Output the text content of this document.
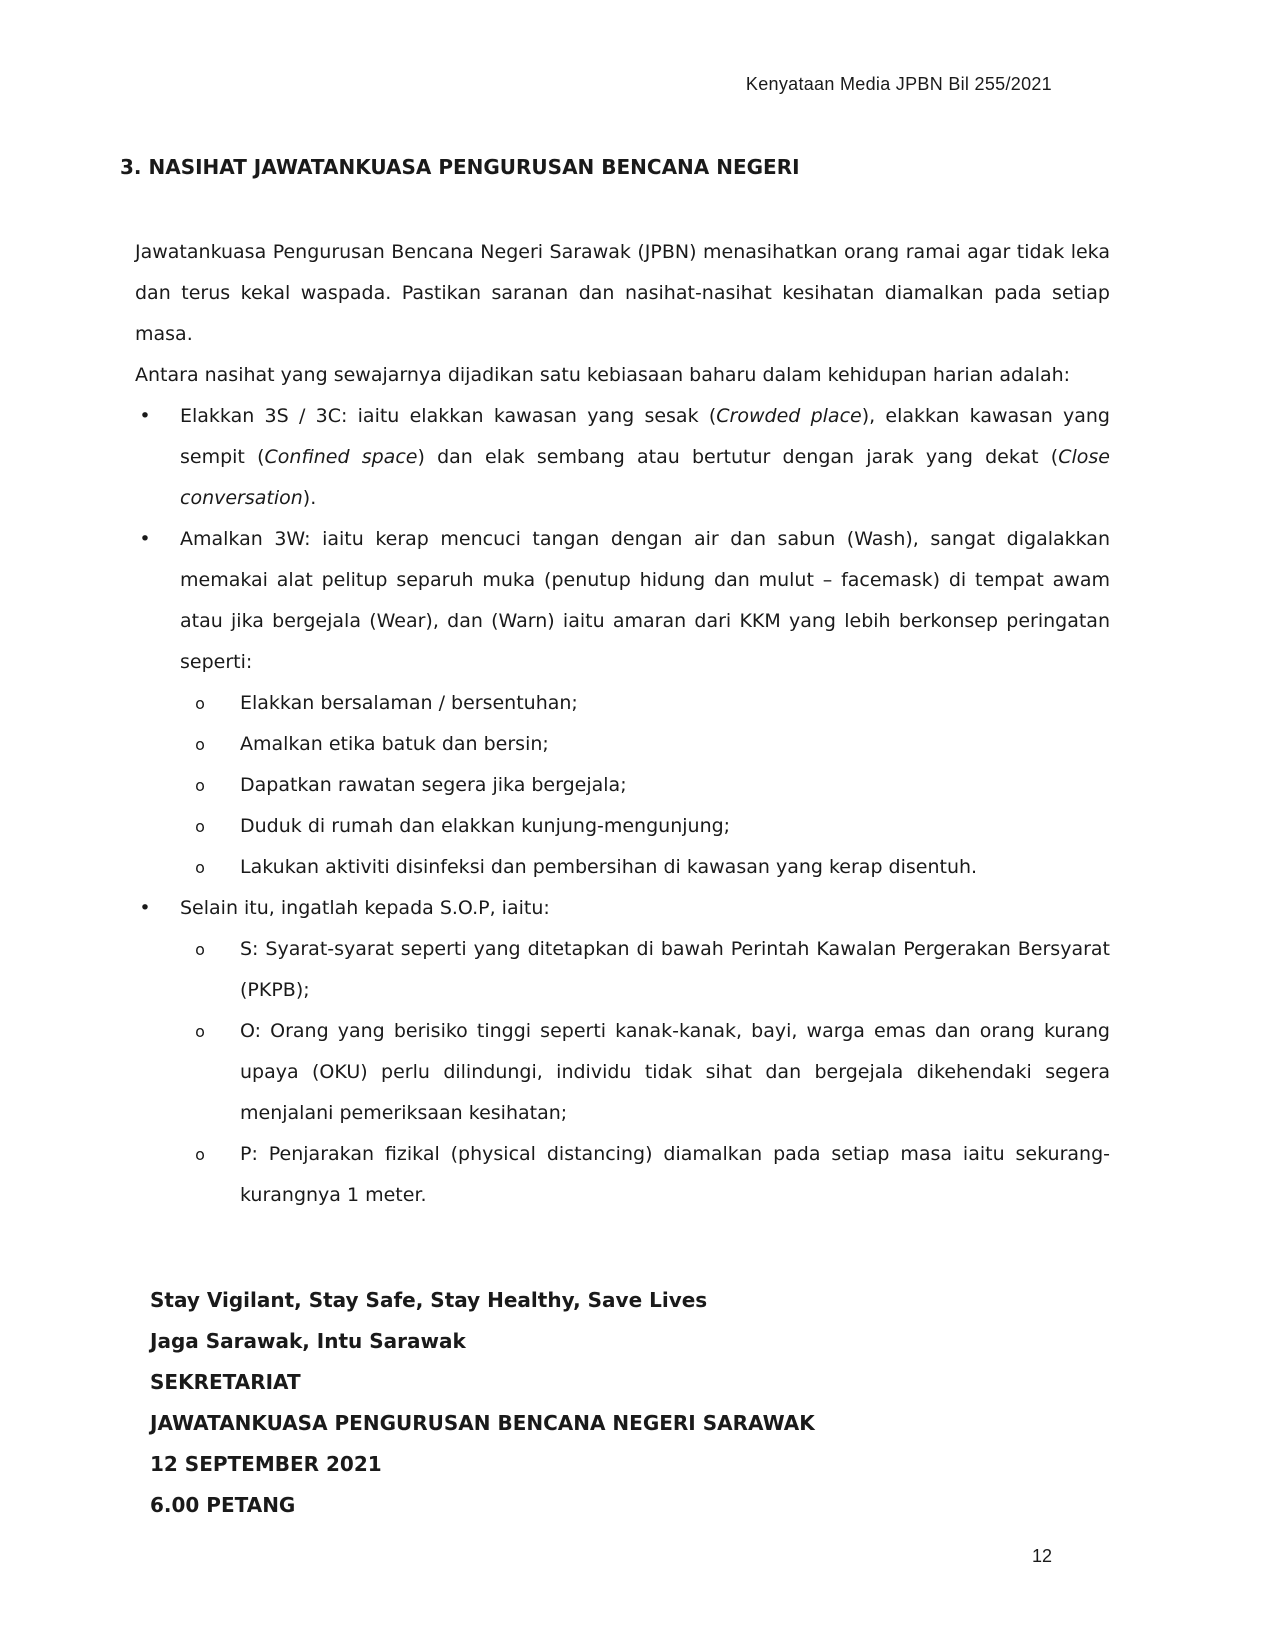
Kenyataan Media JPBN Bil 255/2021
3. NASIHAT JAWATANKUASA PENGURUSAN BENCANA NEGERI

Jawatankuasa Pengurusan Bencana Negeri Sarawak (JPBN) menasihatkan orang ramai agar tidak leka dan terus kekal waspada. Pastikan saranan dan nasihat-nasihat kesihatan diamalkan pada setiap masa.

Antara nasihat yang sewajarnya dijadikan satu kebiasaan baharu dalam kehidupan harian adalah:

• Elakkan 3S / 3C: iaitu elakkan kawasan yang sesak (Crowded place), elakkan kawasan yang sempit (Confined space) dan elak sembang atau bertutur dengan jarak yang dekat (Close conversation).
• Amalkan 3W: iaitu kerap mencuci tangan dengan air dan sabun (Wash), sangat digalakkan memakai alat pelitup separuh muka (penutup hidung dan mulut – facemask) di tempat awam atau jika bergejala (Wear), dan (Warn) iaitu amaran dari KKM yang lebih berkonsep peringatan seperti:
o	Elakkan bersalaman / bersentuhan;
o	Amalkan etika batuk dan bersin;
o	Dapatkan rawatan segera jika bergejala;
o	Duduk di rumah dan elakkan kunjung-mengunjung;
o	Lakukan aktiviti disinfeksi dan pembersihan di kawasan yang kerap disentuh.
• Selain itu, ingatlah kepada S.O.P, iaitu:
o	S: Syarat-syarat seperti yang ditetapkan di bawah Perintah Kawalan Pergerakan Bersyarat (PKPB);
o	O: Orang yang berisiko tinggi seperti kanak-kanak, bayi, warga emas dan orang kurang upaya (OKU) perlu dilindungi, individu tidak sihat dan bergejala dikehendaki segera menjalani pemeriksaan kesihatan;
o	P: Penjarakan fizikal (physical distancing) diamalkan pada setiap masa iaitu sekurang-kurangnya 1 meter.
Stay Vigilant, Stay Safe, Stay Healthy, Save Lives
Jaga Sarawak, Intu Sarawak
SEKRETARIAT
JAWATANKUASA PENGURUSAN BENCANA NEGERI SARAWAK
12 SEPTEMBER 2021
6.00 PETANG
12
